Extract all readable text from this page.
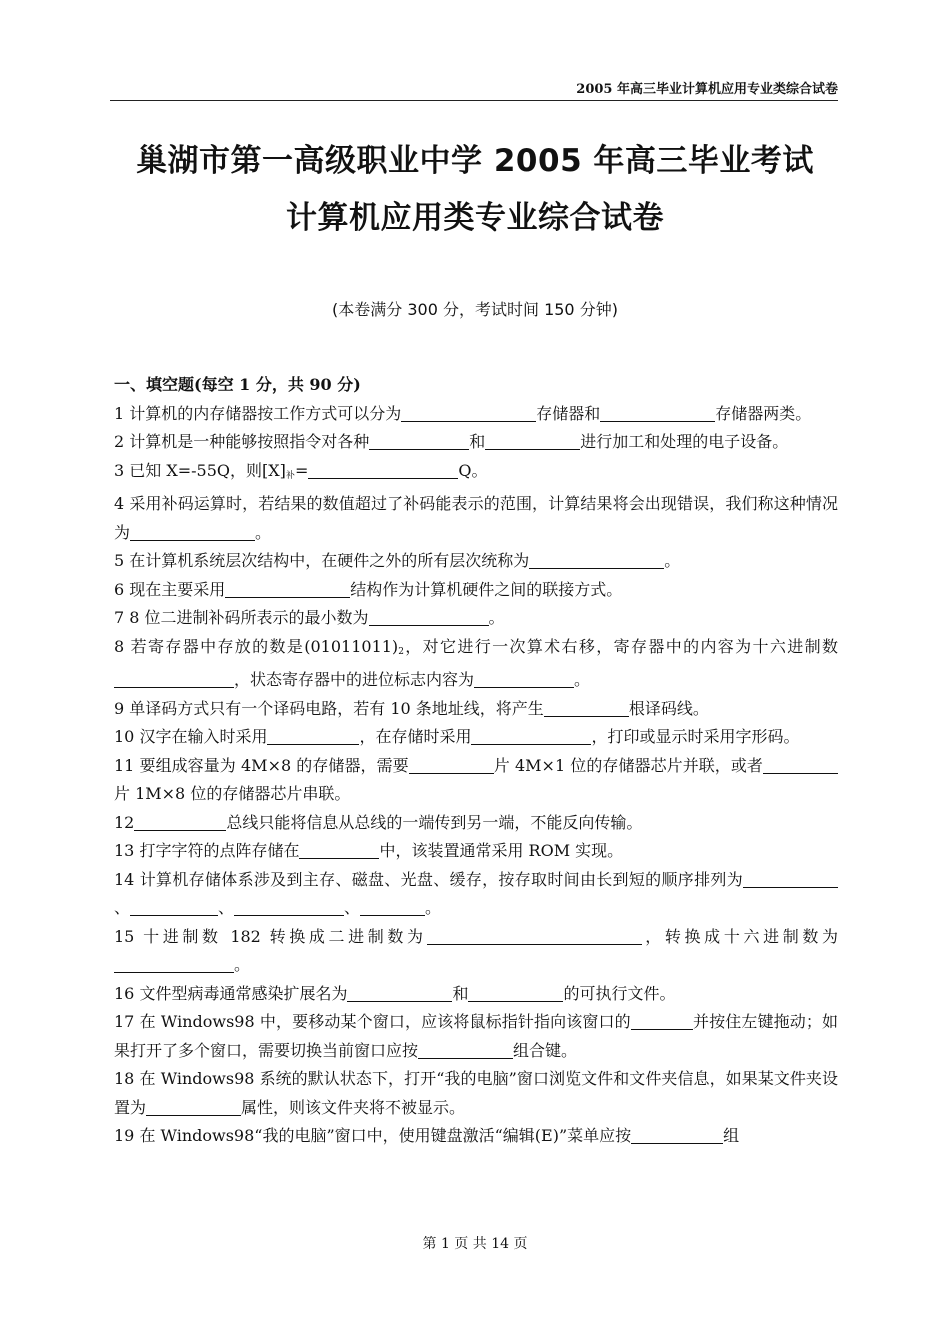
2005 年高三毕业计算机应用专业类综合试卷
巢湖市第一高级职业中学 2005 年高三毕业考试
计算机应用类专业综合试卷
(本卷满分 300 分，考试时间 150 分钟)
一、填空题(每空 1 分，共 90 分)
1 计算机的内存储器按工作方式可以分为	存储器和	存储器两类。
2 计算机是一种能够按照指令对各种	和	进行加工和处理的电子设备。
3 已知 X=-55Q，则$[X]_补=$	Q。
4 采用补码运算时，若结果的数值超过了补码能表示的范围，计算结果将会出现错误，我们称这种情况为	。
5 在计算机系统层次结构中，在硬件之外的所有层次统称为	。
6 现在主要采用	结构作为计算机硬件之间的联接方式。
7 8 位二进制补码所表示的最小数为	。
8 若寄存器中存放的数是$(01011011)_2$，对它进行一次算术右移，寄存器中的内容为十六进制数，状态寄存器中的进位标志内容为	。
9 单译码方式只有一个译码电路，若有 10 条地址线，将产生	根译码线。
10 汉字在输入时采用	，在存储时采用	，打印或显示时采用字形码。
11 要组成容量为 4M×8 的存储器，需要	片 4M×1 位的存储器芯片并联，或者片 1M×8 位的存储器芯片串联。
12	总线只能将信息从总线的一端传到另一端，不能反向传输。
13 打字字符的点阵存储在	中，该装置通常采用 ROM 实现。
14 计算机存储体系涉及到主存、磁盘、光盘、缓存，按存取时间由长到短的顺序排列为、	、	、	。
15 十进制数 182 转换成二进制数为	，转换成十六进制数为。
16 文件型病毒通常感染扩展名为	和	的可执行文件。
17 在 Windows98 中，要移动某个窗口，应该将鼠标指针指向该窗口的	并按住左键拖动；如果打开了多个窗口，需要切换当前窗口应按	组合键。
18 在 Windows98 系统的默认状态下，打开“我的电脑”窗口浏览文件和文件夹信息，如果某文件夹设置为	属性，则该文件夹将不被显示。
19 在 Windows98“我的电脑”窗口中，使用键盘激活“编辑(E)”菜单应按	组
第 1 页 共 14 页
